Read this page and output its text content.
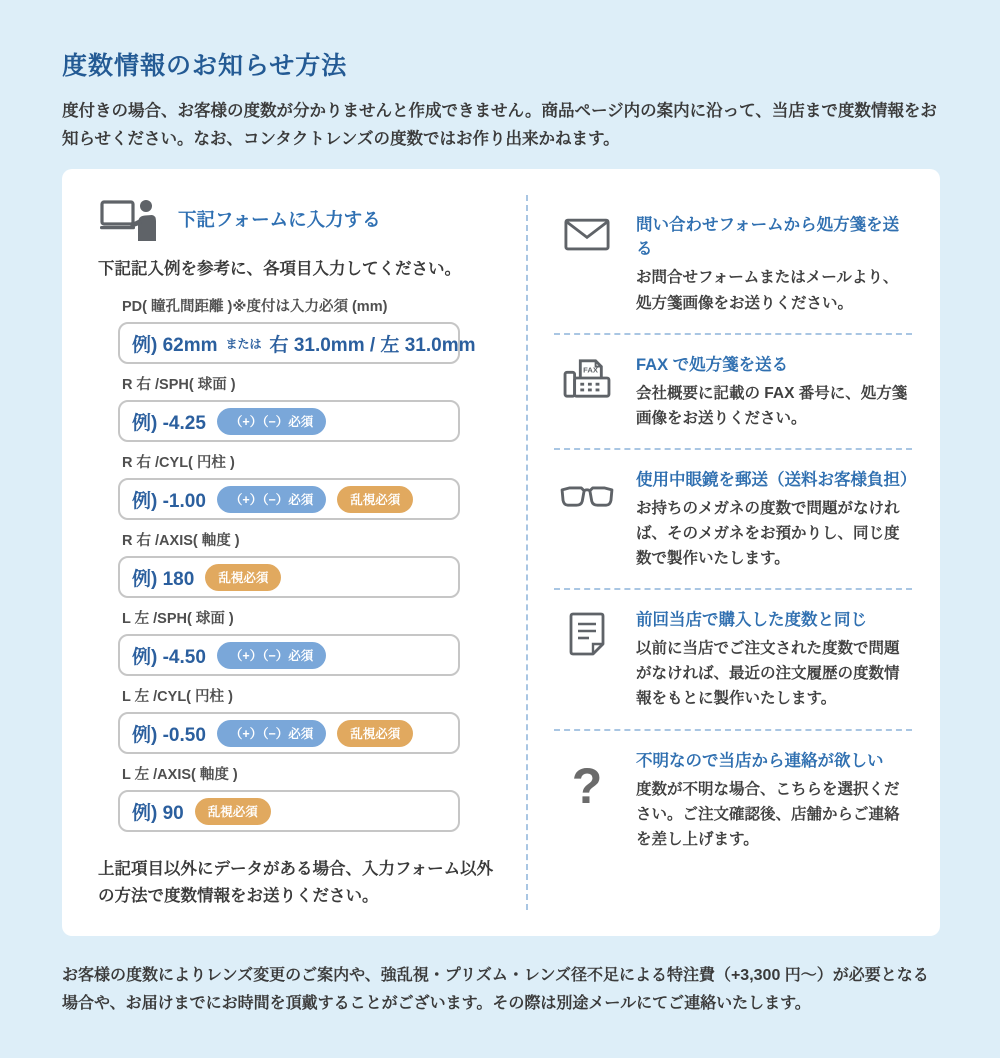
度数情報のお知らせ方法

度付きの場合、お客様の度数が分かりませんと作成できません。商品ページ内の案内に沿って、当店まで度数情報をお知らせください。なお、コンタクトレンズの度数ではお作り出来かねます。

下記フォームに入力する

下記記入例を参考に、各項目入力してください。

PD( 瞳孔間距離 )※度付は入力必須 (mm)
例) 62mm または 右 31.0mm / 左 31.0mm
R 右 /SPH( 球面 )
例) -4.25	（+）（−）必須
R 右 /CYL( 円柱 )
例) -1.00	（+）（−）必須	乱視必須
R 右 /AXIS( 軸度 )
例) 180	乱視必須
L 左 /SPH( 球面 )
例) -4.50	（+）（−）必須
L 左 /CYL( 円柱 )
例) -0.50	（+）（−）必須	乱視必須
L 左 /AXIS( 軸度 )
例) 90	乱視必須

上記項目以外にデータがある場合、入力フォーム以外の方法で度数情報をお送りください。

問い合わせフォームから処方箋を送る
お問合せフォームまたはメールより、処方箋画像をお送りください。
FAX FAX で処方箋を送る
会社概要に記載の FAX 番号に、処方箋画像をお送りください。
使用中眼鏡を郵送（送料お客様負担）
お持ちのメガネの度数で問題がなければ、そのメガネをお預かりし、同じ度数で製作いたします。
前回当店で購入した度数と同じ
以前に当店でご注文された度数で問題がなければ、最近の注文履歴の度数情報をもとに製作いたします。
? 不明なので当店から連絡が欲しい
度数が不明な場合、こちらを選択ください。ご注文確認後、店舗からご連絡を差し上げます。

お客様の度数によりレンズ変更のご案内や、強乱視・プリズム・レンズ径不足による特注費（+3,300 円～）が必要となる場合や、お届けまでにお時間を頂戴することがございます。その際は別途メールにてご連絡いたします。
